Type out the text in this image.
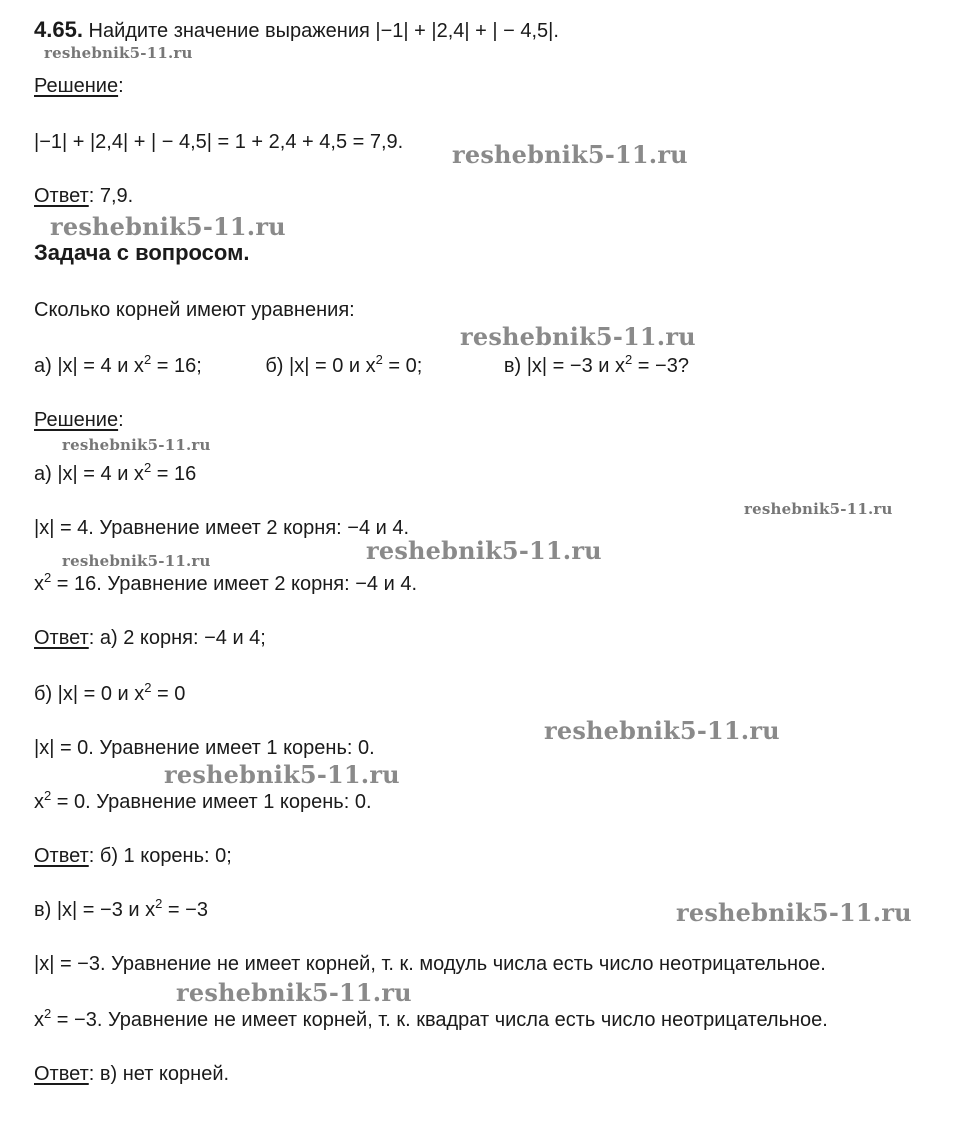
4.65. Найдите значение выражения |−1| + |2,4| + | − 4,5|.
Решение:
|−1| + |2,4| + | − 4,5| = 1 + 2,4 + 4,5 = 7,9.
Ответ: 7,9.
Задача с вопросом.
Сколько корней имеют уравнения:
а) |x| = 4 и $x^2 = 16$;	б) |x| = 0 и $x^2 = 0$;	в) |x| = −3 и $x^2 = -3$?
Решение:
а) |x| = 4 и $x^2 = 16$
|x| = 4. Уравнение имеет 2 корня: −4 и 4.
$x^2 = 16$. Уравнение имеет 2 корня: −4 и 4.
Ответ: а) 2 корня: −4 и 4;
б) |x| = 0 и $x^2 = 0$
|x| = 0. Уравнение имеет 1 корень: 0.
$x^2 = 0$. Уравнение имеет 1 корень: 0.
Ответ: б) 1 корень: 0;
в) |x| = −3 и $x^2 = -3$
|x| = −3. Уравнение не имеет корней, т. к. модуль числа есть число неотрицательное.
$x^2 = -3$. Уравнение не имеет корней, т. к. квадрат числа есть число неотрицательное.
Ответ: в) нет корней.
reshebnik5-11.ru
reshebnik5-11.ru
reshebnik5-11.ru
reshebnik5-11.ru
reshebnik5-11.ru
reshebnik5-11.ru
reshebnik5-11.ru	reshebnik5-11.ru
reshebnik5-11.ru
reshebnik5-11.ru
reshebnik5-11.ru
reshebnik5-11.ru
